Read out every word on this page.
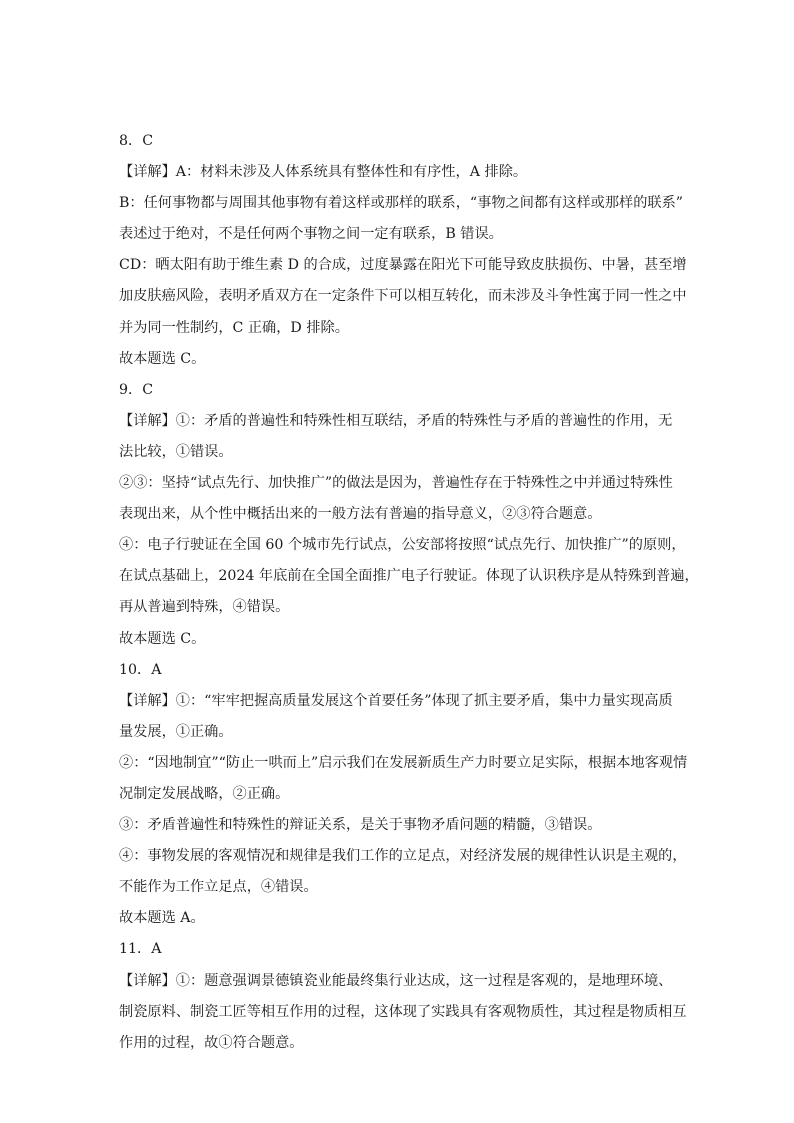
8．C
【详解】A：材料未涉及人体系统具有整体性和有序性，A 排除。
B：任何事物都与周围其他事物有着这样或那样的联系，“事物之间都有这样或那样的联系”
表述过于绝对，不是任何两个事物之间一定有联系，B 错误。
CD：晒太阳有助于维生素 D 的合成，过度暴露在阳光下可能导致皮肤损伤、中暑，甚至增
加皮肤癌风险，表明矛盾双方在一定条件下可以相互转化，而未涉及斗争性寓于同一性之中
并为同一性制约，C 正确，D 排除。
故本题选 C。
9．C
【详解】①：矛盾的普遍性和特殊性相互联结，矛盾的特殊性与矛盾的普遍性的作用，无
法比较，①错误。
②③：坚持“试点先行、加快推广”的做法是因为，普遍性存在于特殊性之中并通过特殊性
表现出来，从个性中概括出来的一般方法有普遍的指导意义，②③符合题意。
④：电子行驶证在全国 60 个城市先行试点，公安部将按照“试点先行、加快推广”的原则，
在试点基础上，2024 年底前在全国全面推广电子行驶证。体现了认识秩序是从特殊到普遍，
再从普遍到特殊，④错误。
故本题选 C。
10．A
【详解】①：“牢牢把握高质量发展这个首要任务”体现了抓主要矛盾，集中力量实现高质
量发展，①正确。
②：“因地制宜”“防止一哄而上”启示我们在发展新质生产力时要立足实际，根据本地客观情
况制定发展战略，②正确。
③：矛盾普遍性和特殊性的辩证关系，是关于事物矛盾问题的精髓，③错误。
④：事物发展的客观情况和规律是我们工作的立足点，对经济发展的规律性认识是主观的，
不能作为工作立足点，④错误。
故本题选 A。
11．A
【详解】①：题意强调景德镇瓷业能最终集行业达成，这一过程是客观的，是地理环境、
制瓷原料、制瓷工匠等相互作用的过程，这体现了实践具有客观物质性，其过程是物质相互
作用的过程，故①符合题意。
